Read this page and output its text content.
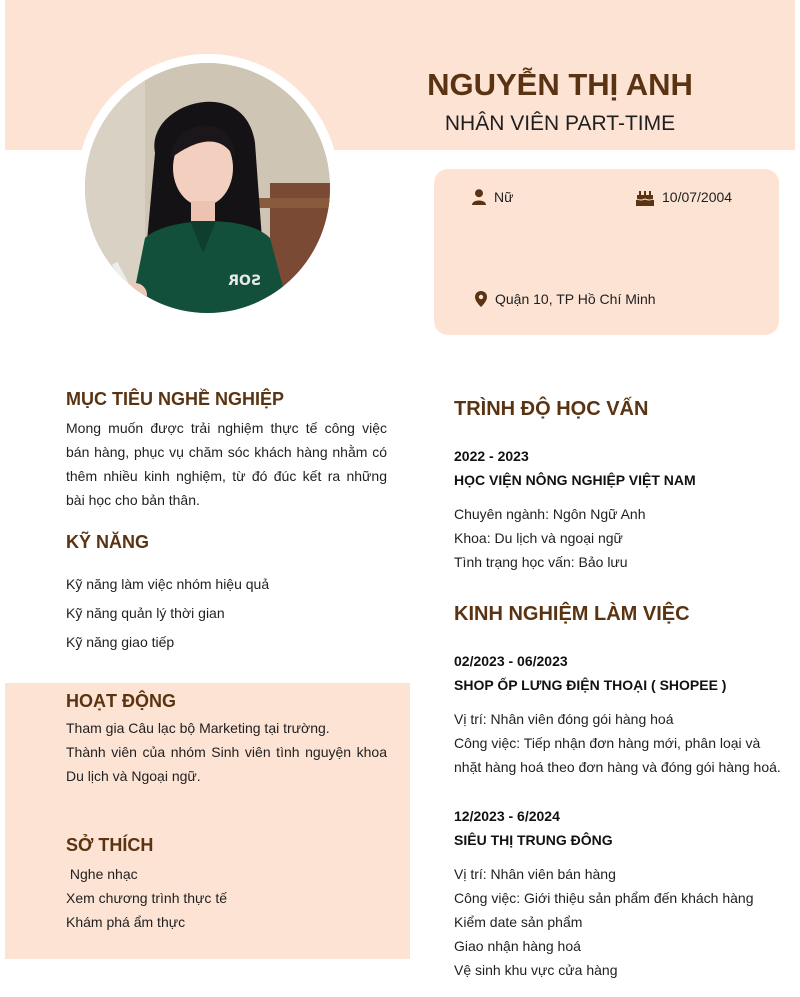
SOR
NGUYỄN THỊ ANH
NHÂN VIÊN PART-TIME
Nữ	10/07/2004
Quận 10, TP Hồ Chí Minh
MỤC TIÊU NGHỀ NGHIỆP

Mong muốn được trải nghiệm thực tế công việc bán hàng, phục vụ chăm sóc khách hàng nhằm có thêm nhiều kinh nghiệm, từ đó đúc kết ra những bài học cho bản thân.

KỸ NĂNG
Kỹ năng làm việc nhóm hiệu quả
Kỹ năng quản lý thời gian
Kỹ năng giao tiếp
HOẠT ĐỘNG

Tham gia Câu lạc bộ Marketing tại trường.

Thành viên của nhóm Sinh viên tình nguyện khoa Du lịch và Ngoại ngữ.

SỞ THÍCH
Nghe nhạc
Xem chương trình thực tế
Khám phá ẩm thực
TRÌNH ĐỘ HỌC VẤN
2022 - 2023
HỌC VIỆN NÔNG NGHIỆP VIỆT NAM
Chuyên ngành: Ngôn Ngữ Anh
Khoa: Du lịch và ngoại ngữ
Tình trạng học vấn: Bảo lưu
KINH NGHIỆM LÀM VIỆC
02/2023 - 06/2023
SHOP ỐP LƯNG ĐIỆN THOẠI ( SHOPEE )

Vị trí: Nhân viên đóng gói hàng hoá

Công việc: Tiếp nhận đơn hàng mới, phân loại và nhặt hàng hoá theo đơn hàng và đóng gói hàng hoá.

12/2023 - 6/2024
SIÊU THỊ TRUNG ĐÔNG
Vị trí: Nhân viên bán hàng
Công việc: Giới thiệu sản phẩm đến khách hàng
Kiểm date sản phẩm
Giao nhận hàng hoá
Vệ sinh khu vực cửa hàng
